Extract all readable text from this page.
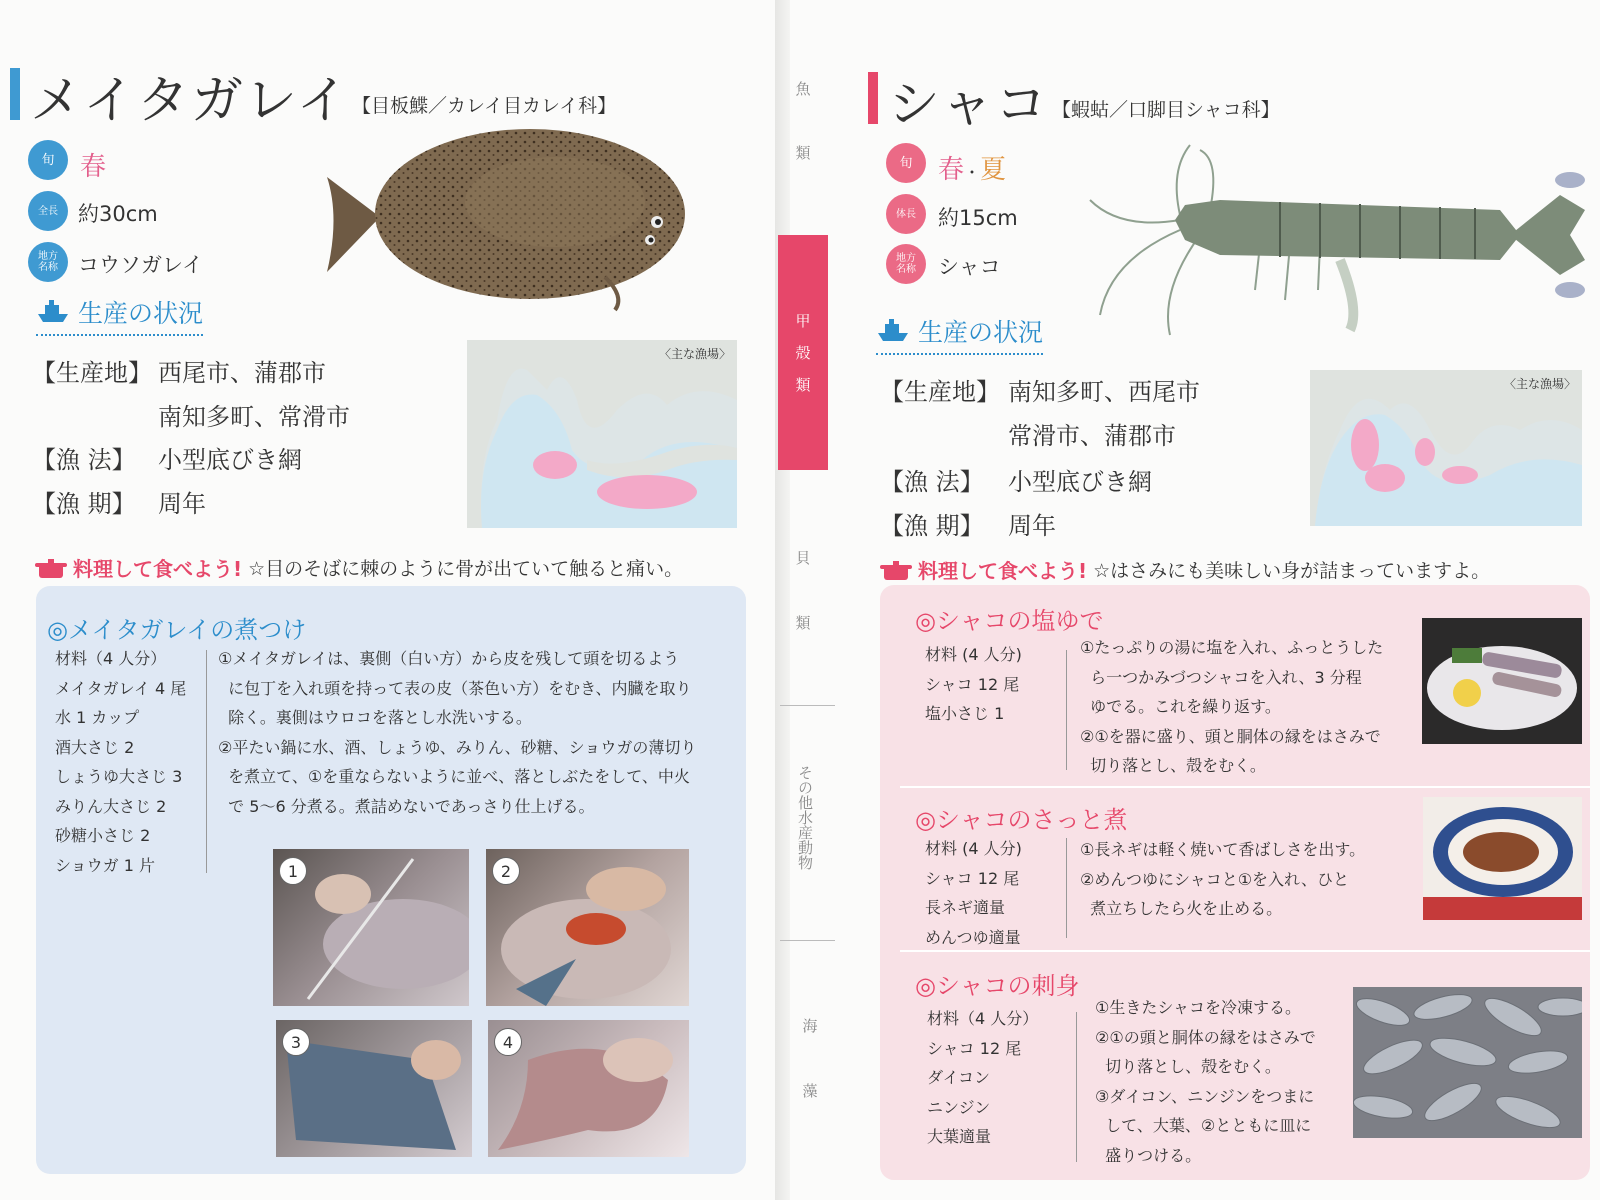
メイタガレイ 【目板鰈／カレイ目カレイ科】
旬 春
全長 約30cm
地方名称 コウソガレイ
生産の状況
【生産地】 西尾市、蒲郡市
南知多町、常滑市
【漁 法】 小型底びき網
【漁 期】 周年
〈主な漁場〉
料理して食べよう! ☆目のそばに棘のように骨が出ていて触ると痛い。
◎メイタガレイの煮つけ
材料（4 人分）
メイタガレイ 4 尾
水 1 カップ
酒大さじ 2
しょうゆ大さじ 3
みりん大さじ 2
砂糖小さじ 2
ショウガ 1 片
①メイタガレイは、裏側（白い方）から皮を残して頭を切るよう
に包丁を入れ頭を持って表の皮（茶色い方）をむき、内臓を取り
除く。裏側はウロコを落とし水洗いする。
②平たい鍋に水、酒、しょうゆ、みりん、砂糖、ショウガの薄切り
を煮立て、①を重ならないように並べ、落としぶたをして、中火
で 5～6 分煮る。煮詰めないであっさり仕上げる。
1	2
3	4
魚
類
甲
殻
類
貝
類
その他水産動物
海
藻
シャコ 【蝦蛄／口脚目シャコ科】
旬 春・夏
体長	約15cm
地方名称	シャコ
生産の状況
【生産地】 南知多町、西尾市
常滑市、蒲郡市
【漁 法】 小型底びき網
【漁 期】 周年
〈主な漁場〉
料理して食べよう! ☆はさみにも美味しい身が詰まっていますよ。
◎シャコの塩ゆで
材料 (4 人分)
シャコ 12 尾
塩小さじ 1
①たっぷりの湯に塩を入れ、ふっとうした
ら一つかみづつシャコを入れ、3 分程
ゆでる。これを繰り返す。
②①を器に盛り、頭と胴体の縁をはさみで
切り落とし、殻をむく。
◎シャコのさっと煮
材料 (4 人分)
シャコ 12 尾
長ネギ適量
めんつゆ適量
①長ネギは軽く焼いて香ばしさを出す。
②めんつゆにシャコと①を入れ、ひと
煮立ちしたら火を止める。
◎シャコの刺身
材料（4 人分）
シャコ 12 尾
ダイコン
ニンジン
大葉適量
①生きたシャコを冷凍する。
②①の頭と胴体の縁をはさみで
切り落とし、殻をむく。
③ダイコン、ニンジンをつまに
して、大葉、②とともに皿に
盛りつける。
